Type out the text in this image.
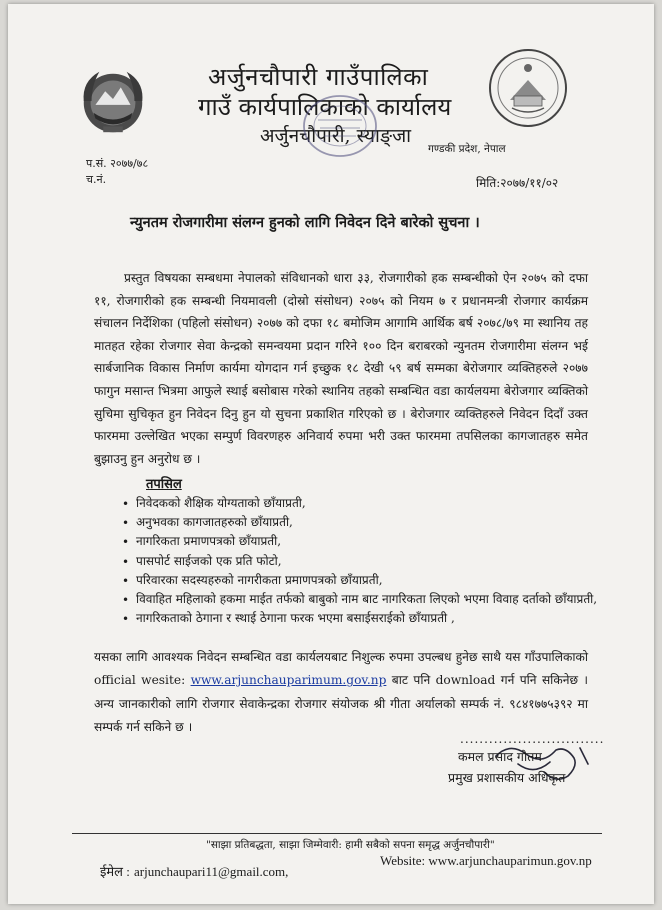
अर्जुनचौपारी गाउँपालिका
गाउँ कार्यपालिकाको कार्यालय
अर्जुनचौपारी, स्याङ्जा
गण्डकी प्रदेश, नेपाल
प.सं. २०७७/७८
च.नं.	मिति:२०७७/११/०२
न्युनतम रोजगारीमा संलग्न हुनको लागि निवेदन दिने बारेको सुचना ।
प्रस्तुत विषयका सम्बधमा नेपालको संविधानको धारा ३३, रोजगारीको हक सम्बन्धीको ऐन २०७५ को दफा ११, रोजगारीको हक सम्बन्धी नियमावली (दोस्रो संसोधन) २०७५ को नियम ७ र प्रधानमन्त्री रोजगार कार्यक्रम संचालन निर्देशिका (पहिलो संसोधन) २०७७ को दफा १८ बमोजिम आगामि आर्थिक बर्ष २०७८/७९ मा स्थानिय तह मातहत रहेका रोजगार सेवा केन्द्रको समन्वयमा प्रदान गरिने १०० दिन बराबरको न्युनतम रोजगारीमा संलग्न भई सार्बजानिक विकास निर्माण कार्यमा योगदान गर्न इच्छुक १८ देखी ५९ बर्ष सम्मका बेरोजगार व्यक्तिहरुले २०७७ फागुन मसान्त भित्रमा आफुले स्थाई बसोबास गरेको स्थानिय तहको सम्बन्धित वडा कार्यलयमा बेरोजगार व्यक्तिको सुचिमा सुचिकृत हुन निवेदन दिनु हुन यो सुचना प्रकाशित गरिएको छ । बेरोजगार व्यक्तिहरुले निवेदन दिदाँ उक्त फारममा उल्लेखित भएका सम्पुर्ण विवरणहरु अनिवार्य रुपमा भरी उक्त फारममा तपसिलका कागजातहरु समेत बुझाउनु हुन अनुरोध छ ।
तपसिल
• निवेदकको शैक्षिक योग्यताको छाँयाप्रती,
• अनुभवका कागजातहरुको छाँयाप्रती,
• नागरिकता प्रमाणपत्रको छाँयाप्रती,
• पासपोर्ट साईजको एक प्रति फोटो,
• परिवारका सदस्यहरुको नागरीकता प्रमाणपत्रको छाँयाप्रती,
• विवाहित महिलाको हकमा माईत तर्फको बाबुको नाम बाट नागरिकता लिएको भएमा विवाह दर्ताको छाँयाप्रती,
• नागरिकताको ठेगाना र स्थाई ठेगाना फरक भएमा बसाईसराईको छाँयाप्रती ,
यसका लागि आवश्यक निवेदन सम्बन्धित वडा कार्यलयबाट निशुल्क रुपमा उपल्बध हुनेछ साथै यस गाँउपालिकाको official wesite: www.arjunchauparimum.gov.np बाट पनि download गर्न पनि सकिनेछ । अन्य जानकारीको लागि रोजगार सेवाकेन्द्रका रोजगार संयोजक श्री गीता अर्यालको सम्पर्क नं. ९८४१७७५३९२ मा सम्पर्क गर्न सकिने छ ।
..............................
कमल प्रसाद गौतम
प्रमुख प्रशासकीय अधिकृत
"साझा प्रतिबद्धता, साझा जिम्मेवारी: हामी सबैको सपना समृद्ध अर्जुनचौपारी"
ईमेल : arjunchaupari11@gmail.com,
Website: www.arjunchauparimun.gov.np
